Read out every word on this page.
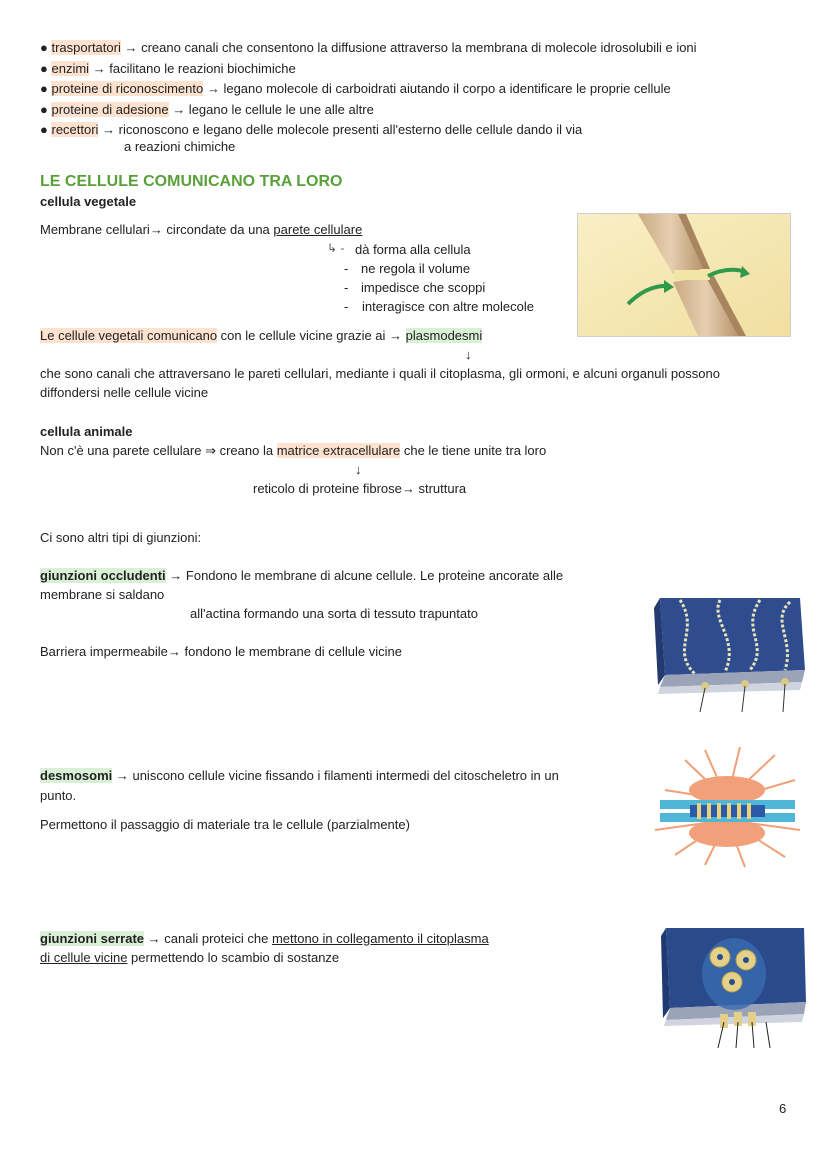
● trasportatori → creano canali che consentono la diffusione attraverso la membrana di molecole idrosolubili e ioni
● enzimi → facilitano le reazioni biochimiche
● proteine di riconoscimento → legano molecole di carboidrati aiutando il corpo a identificare le proprie cellule
● proteine di adesione → legano le cellule le une alle altre
● recettori → riconoscono e legano delle molecole presenti all'esterno delle cellule dando il via
a reazioni chimiche
LE CELLULE COMUNICANO TRA LORO
cellula vegetale
Membrane cellulari→ circondate da una parete cellulare
↳ - dà forma alla cellula
- ne regola il volume
- impedisce che scoppi
- interagisce con altre molecole
Le cellule vegetali comunicano con le cellule vicine grazie ai → plasmodesmi
↓
che sono canali che attraversano le pareti cellulari, mediante i quali il citoplasma, gli ormoni, e alcuni organuli possono
diffondersi nelle cellule vicine
cellula animale
Non c'è una parete cellulare ⇒ creano la matrice extracellulare che le tiene unite tra loro
↓
reticolo di proteine fibrose→ struttura
Ci sono altri tipi di giunzioni:
giunzioni occludenti → Fondono le membrane di alcune cellule. Le proteine ancorate alle
membrane si saldano
all'actina formando una sorta di tessuto trapuntato
Barriera impermeabile→ fondono le membrane di cellule vicine
desmosomi → uniscono cellule vicine fissando i filamenti intermedi del citoscheletro in un
punto.
Permettono il passaggio di materiale tra le cellule (parzialmente)
giunzioni serrate → canali proteici che mettono in collegamento il citoplasma
di cellule vicine permettendo lo scambio di sostanze
6
